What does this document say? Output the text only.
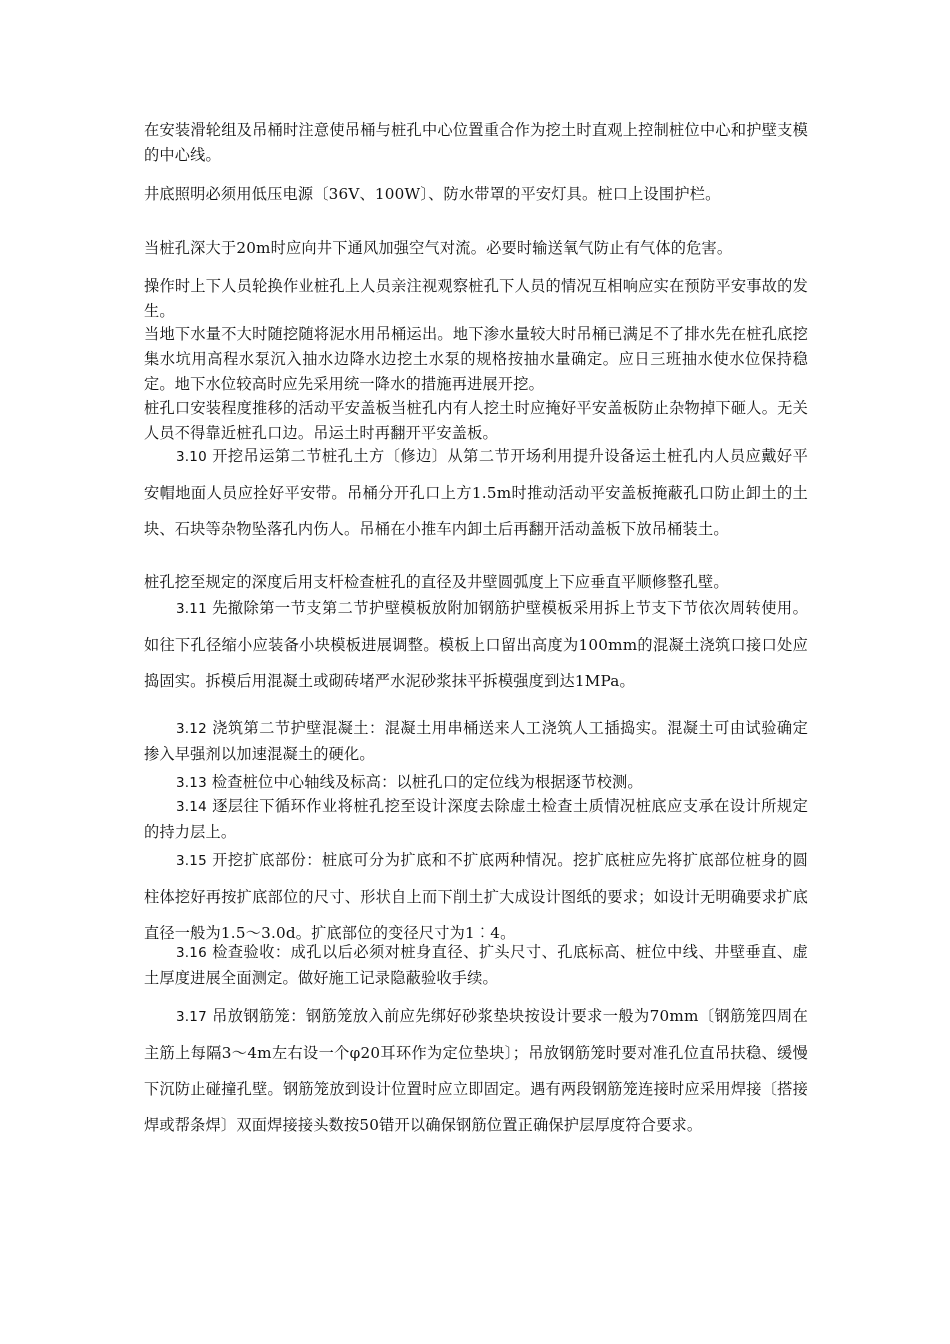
在安装滑轮组及吊桶时注意使吊桶与桩孔中心位置重合作为挖土时直观上控制桩位中心和护壁支模的中心线。

井底照明必须用低压电源〔36V、100W〕、防水带罩的平安灯具。桩口上设围护栏。

当桩孔深大于20m时应向井下通风加强空气对流。必要时输送氧气防止有气体的危害。

操作时上下人员轮换作业桩孔上人员亲注视观察桩孔下人员的情况互相响应实在预防平安事故的发生。

当地下水量不大时随挖随将泥水用吊桶运出。地下渗水量较大时吊桶已满足不了排水先在桩孔底挖集水坑用高程水泵沉入抽水边降水边挖土水泵的规格按抽水量确定。应日三班抽水使水位保持稳定。地下水位较高时应先采用统一降水的措施再进展开挖。

桩孔口安装程度推移的活动平安盖板当桩孔内有人挖土时应掩好平安盖板防止杂物掉下砸人。无关人员不得靠近桩孔口边。吊运土时再翻开平安盖板。

3.10 开挖吊运第二节桩孔土方〔修边〕从第二节开场利用提升设备运土桩孔内人员应戴好平安帽地面人员应拴好平安带。吊桶分开孔口上方1.5m时推动活动平安盖板掩蔽孔口防止卸土的土块、石块等杂物坠落孔内伤人。吊桶在小推车内卸土后再翻开活动盖板下放吊桶装土。

桩孔挖至规定的深度后用支杆检查桩孔的直径及井壁圆弧度上下应垂直平顺修整孔壁。

3.11 先撤除第一节支第二节护壁模板放附加钢筋护壁模板采用拆上节支下节依次周转使用。如往下孔径缩小应装备小块模板进展调整。模板上口留出高度为100mm的混凝土浇筑口接口处应捣固实。拆模后用混凝土或砌砖堵严水泥砂浆抹平拆模强度到达1MPa。

3.12 浇筑第二节护壁混凝土：混凝土用串桶送来人工浇筑人工插捣实。混凝土可由试验确定掺入早强剂以加速混凝土的硬化。

3.13 检查桩位中心轴线及标高：以桩孔口的定位线为根据逐节校测。

3.14 逐层往下循环作业将桩孔挖至设计深度去除虚土检查土质情况桩底应支承在设计所规定的持力层上。

3.15 开挖扩底部份：桩底可分为扩底和不扩底两种情况。挖扩底桩应先将扩底部位桩身的圆柱体挖好再按扩底部位的尺寸、形状自上而下削土扩大成设计图纸的要求；如设计无明确要求扩底直径一般为1.5～3.0d。扩底部位的变径尺寸为1︰4。

3.16 检查验收：成孔以后必须对桩身直径、扩头尺寸、孔底标高、桩位中线、井壁垂直、虚土厚度进展全面测定。做好施工记录隐蔽验收手续。

3.17 吊放钢筋笼：钢筋笼放入前应先绑好砂浆垫块按设计要求一般为70mm〔钢筋笼四周在主筋上每隔3～4m左右设一个φ20耳环作为定位垫块〕；吊放钢筋笼时要对准孔位直吊扶稳、缓慢下沉防止碰撞孔壁。钢筋笼放到设计位置时应立即固定。遇有两段钢筋笼连接时应采用焊接〔搭接焊或帮条焊〕双面焊接接头数按50错开以确保钢筋位置正确保护层厚度符合要求。
